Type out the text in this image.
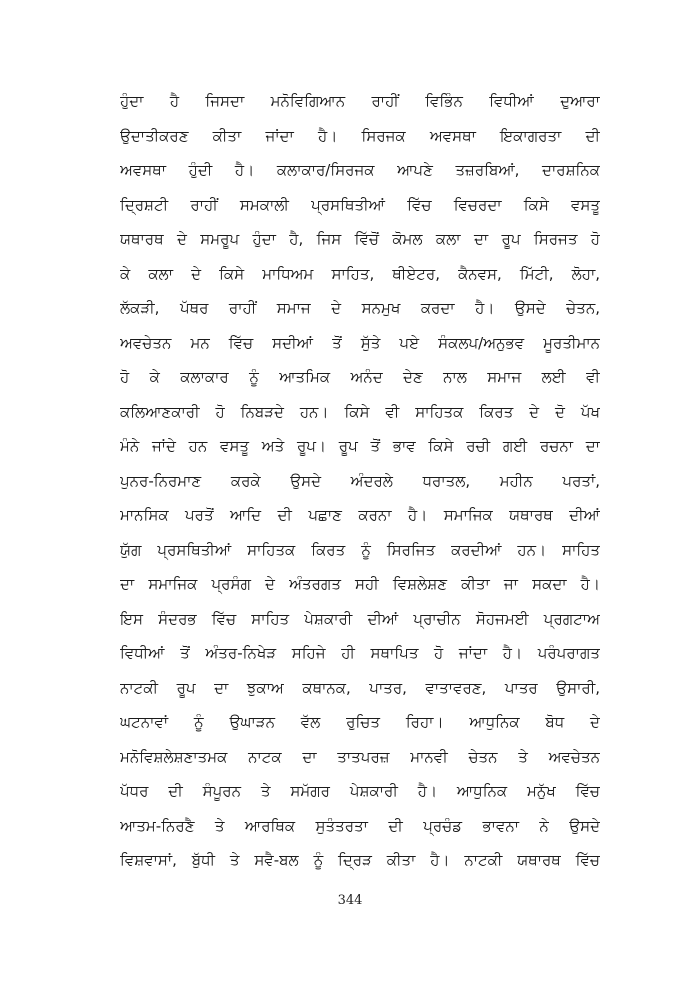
ਹੁੰਦਾ ਹੈ ਜਿਸਦਾ ਮਨੋਵਿਗਿਆਨ ਰਾਹੀਂ ਵਿਭਿੰਨ ਵਿਧੀਆਂ ਦੁਆਰਾ
ਉਦਾਤੀਕਰਣ ਕੀਤਾ ਜਾਂਦਾ ਹੈ। ਸਿਰਜਕ ਅਵਸਥਾ ਇਕਾਗਰਤਾ ਦੀ
ਅਵਸਥਾ ਹੁੰਦੀ ਹੈ। ਕਲਾਕਾਰ/ਸਿਰਜਕ ਆਪਣੇ ਤਜ਼ਰਬਿਆਂ, ਦਾਰਸ਼ਨਿਕ
ਦ੍ਰਿਸ਼ਟੀ ਰਾਹੀਂ ਸਮਕਾਲੀ ਪ੍ਰਸਥਿਤੀਆਂ ਵਿੱਚ ਵਿਚਰਦਾ ਕਿਸੇ ਵਸਤੂ
ਯਥਾਰਥ ਦੇ ਸਮਰੂਪ ਹੁੰਦਾ ਹੈ, ਜਿਸ ਵਿੱਚੋਂ ਕੋਮਲ ਕਲਾ ਦਾ ਰੂਪ ਸਿਰਜਤ ਹੋ
ਕੇ ਕਲਾ ਦੇ ਕਿਸੇ ਮਾਧਿਅਮ ਸਾਹਿਤ, ਥੀਏਟਰ, ਕੈਨਵਸ, ਮਿੱਟੀ, ਲੋਹਾ,
ਲੱਕੜੀ, ਪੱਥਰ ਰਾਹੀਂ ਸਮਾਜ ਦੇ ਸਨਮੁਖ ਕਰਦਾ ਹੈ। ਉਸਦੇ ਚੇਤਨ,
ਅਵਚੇਤਨ ਮਨ ਵਿੱਚ ਸਦੀਆਂ ਤੋਂ ਸੁੱਤੇ ਪਏ ਸੰਕਲਪ/ਅਨੁਭਵ ਮੂਰਤੀਮਾਨ
ਹੋ ਕੇ ਕਲਾਕਾਰ ਨੂੰ ਆਤਮਿਕ ਅਨੰਦ ਦੇਣ ਨਾਲ ਸਮਾਜ ਲਈ ਵੀ
ਕਲਿਆਣਕਾਰੀ ਹੋ ਨਿਬੜਦੇ ਹਨ। ਕਿਸੇ ਵੀ ਸਾਹਿਤਕ ਕਿਰਤ ਦੇ ਦੋ ਪੱਖ
ਮੰਨੇ ਜਾਂਦੇ ਹਨ ਵਸਤੂ ਅਤੇ ਰੂਪ। ਰੂਪ ਤੋਂ ਭਾਵ ਕਿਸੇ ਰਚੀ ਗਈ ਰਚਨਾ ਦਾ
ਪੁਨਰ-ਨਿਰਮਾਣ ਕਰਕੇ ਉਸਦੇ ਅੰਦਰਲੇ ਧਰਾਤਲ, ਮਹੀਨ ਪਰਤਾਂ,
ਮਾਨਸਿਕ ਪਰਤੋਂ ਆਦਿ ਦੀ ਪਛਾਣ ਕਰਨਾ ਹੈ। ਸਮਾਜਿਕ ਯਥਾਰਥ ਦੀਆਂ
ਯੁੱਗ ਪ੍ਰਸਥਿਤੀਆਂ ਸਾਹਿਤਕ ਕਿਰਤ ਨੂੰ ਸਿਰਜਿਤ ਕਰਦੀਆਂ ਹਨ। ਸਾਹਿਤ
ਦਾ ਸਮਾਜਿਕ ਪ੍ਰਸੰਗ ਦੇ ਅੰਤਰਗਤ ਸਹੀ ਵਿਸ਼ਲੇਸ਼ਣ ਕੀਤਾ ਜਾ ਸਕਦਾ ਹੈ।
ਇਸ ਸੰਦਰਭ ਵਿੱਚ ਸਾਹਿਤ ਪੇਸ਼ਕਾਰੀ ਦੀਆਂ ਪ੍ਰਾਚੀਨ ਸੋਹਜਮਈ ਪ੍ਰਗਟਾਅ
ਵਿਧੀਆਂ ਤੋਂ ਅੰਤਰ-ਨਿਖੇੜ ਸਹਿਜੇ ਹੀ ਸਥਾਪਿਤ ਹੋ ਜਾਂਦਾ ਹੈ। ਪਰੰਪਰਾਗਤ
ਨਾਟਕੀ ਰੂਪ ਦਾ ਝੁਕਾਅ ਕਥਾਨਕ, ਪਾਤਰ, ਵਾਤਾਵਰਣ, ਪਾਤਰ ਉਸਾਰੀ,
ਘਟਨਾਵਾਂ ਨੂੰ ਉਘਾੜਨ ਵੱਲ ਰੁਚਿਤ ਰਿਹਾ। ਆਧੁਨਿਕ ਬੋਧ ਦੇ
ਮਨੋਵਿਸ਼ਲੇਸ਼ਣਾਤਮਕ ਨਾਟਕ ਦਾ ਤਾਤਪਰਜ਼ ਮਾਨਵੀ ਚੇਤਨ ਤੇ ਅਵਚੇਤਨ
ਪੱਧਰ ਦੀ ਸੰਪੂਰਨ ਤੇ ਸਮੱਗਰ ਪੇਸ਼ਕਾਰੀ ਹੈ। ਆਧੁਨਿਕ ਮਨੁੱਖ ਵਿੱਚ
ਆਤਮ-ਨਿਰਣੈ ਤੇ ਆਰਥਿਕ ਸੁਤੰਤਰਤਾ ਦੀ ਪ੍ਰਚੰਡ ਭਾਵਨਾ ਨੇ ਉਸਦੇ
ਵਿਸ਼ਵਾਸਾਂ, ਬੁੱਧੀ ਤੇ ਸਵੈ-ਬਲ ਨੂੰ ਦ੍ਰਿੜ ਕੀਤਾ ਹੈ। ਨਾਟਕੀ ਯਥਾਰਥ ਵਿੱਚ
344
